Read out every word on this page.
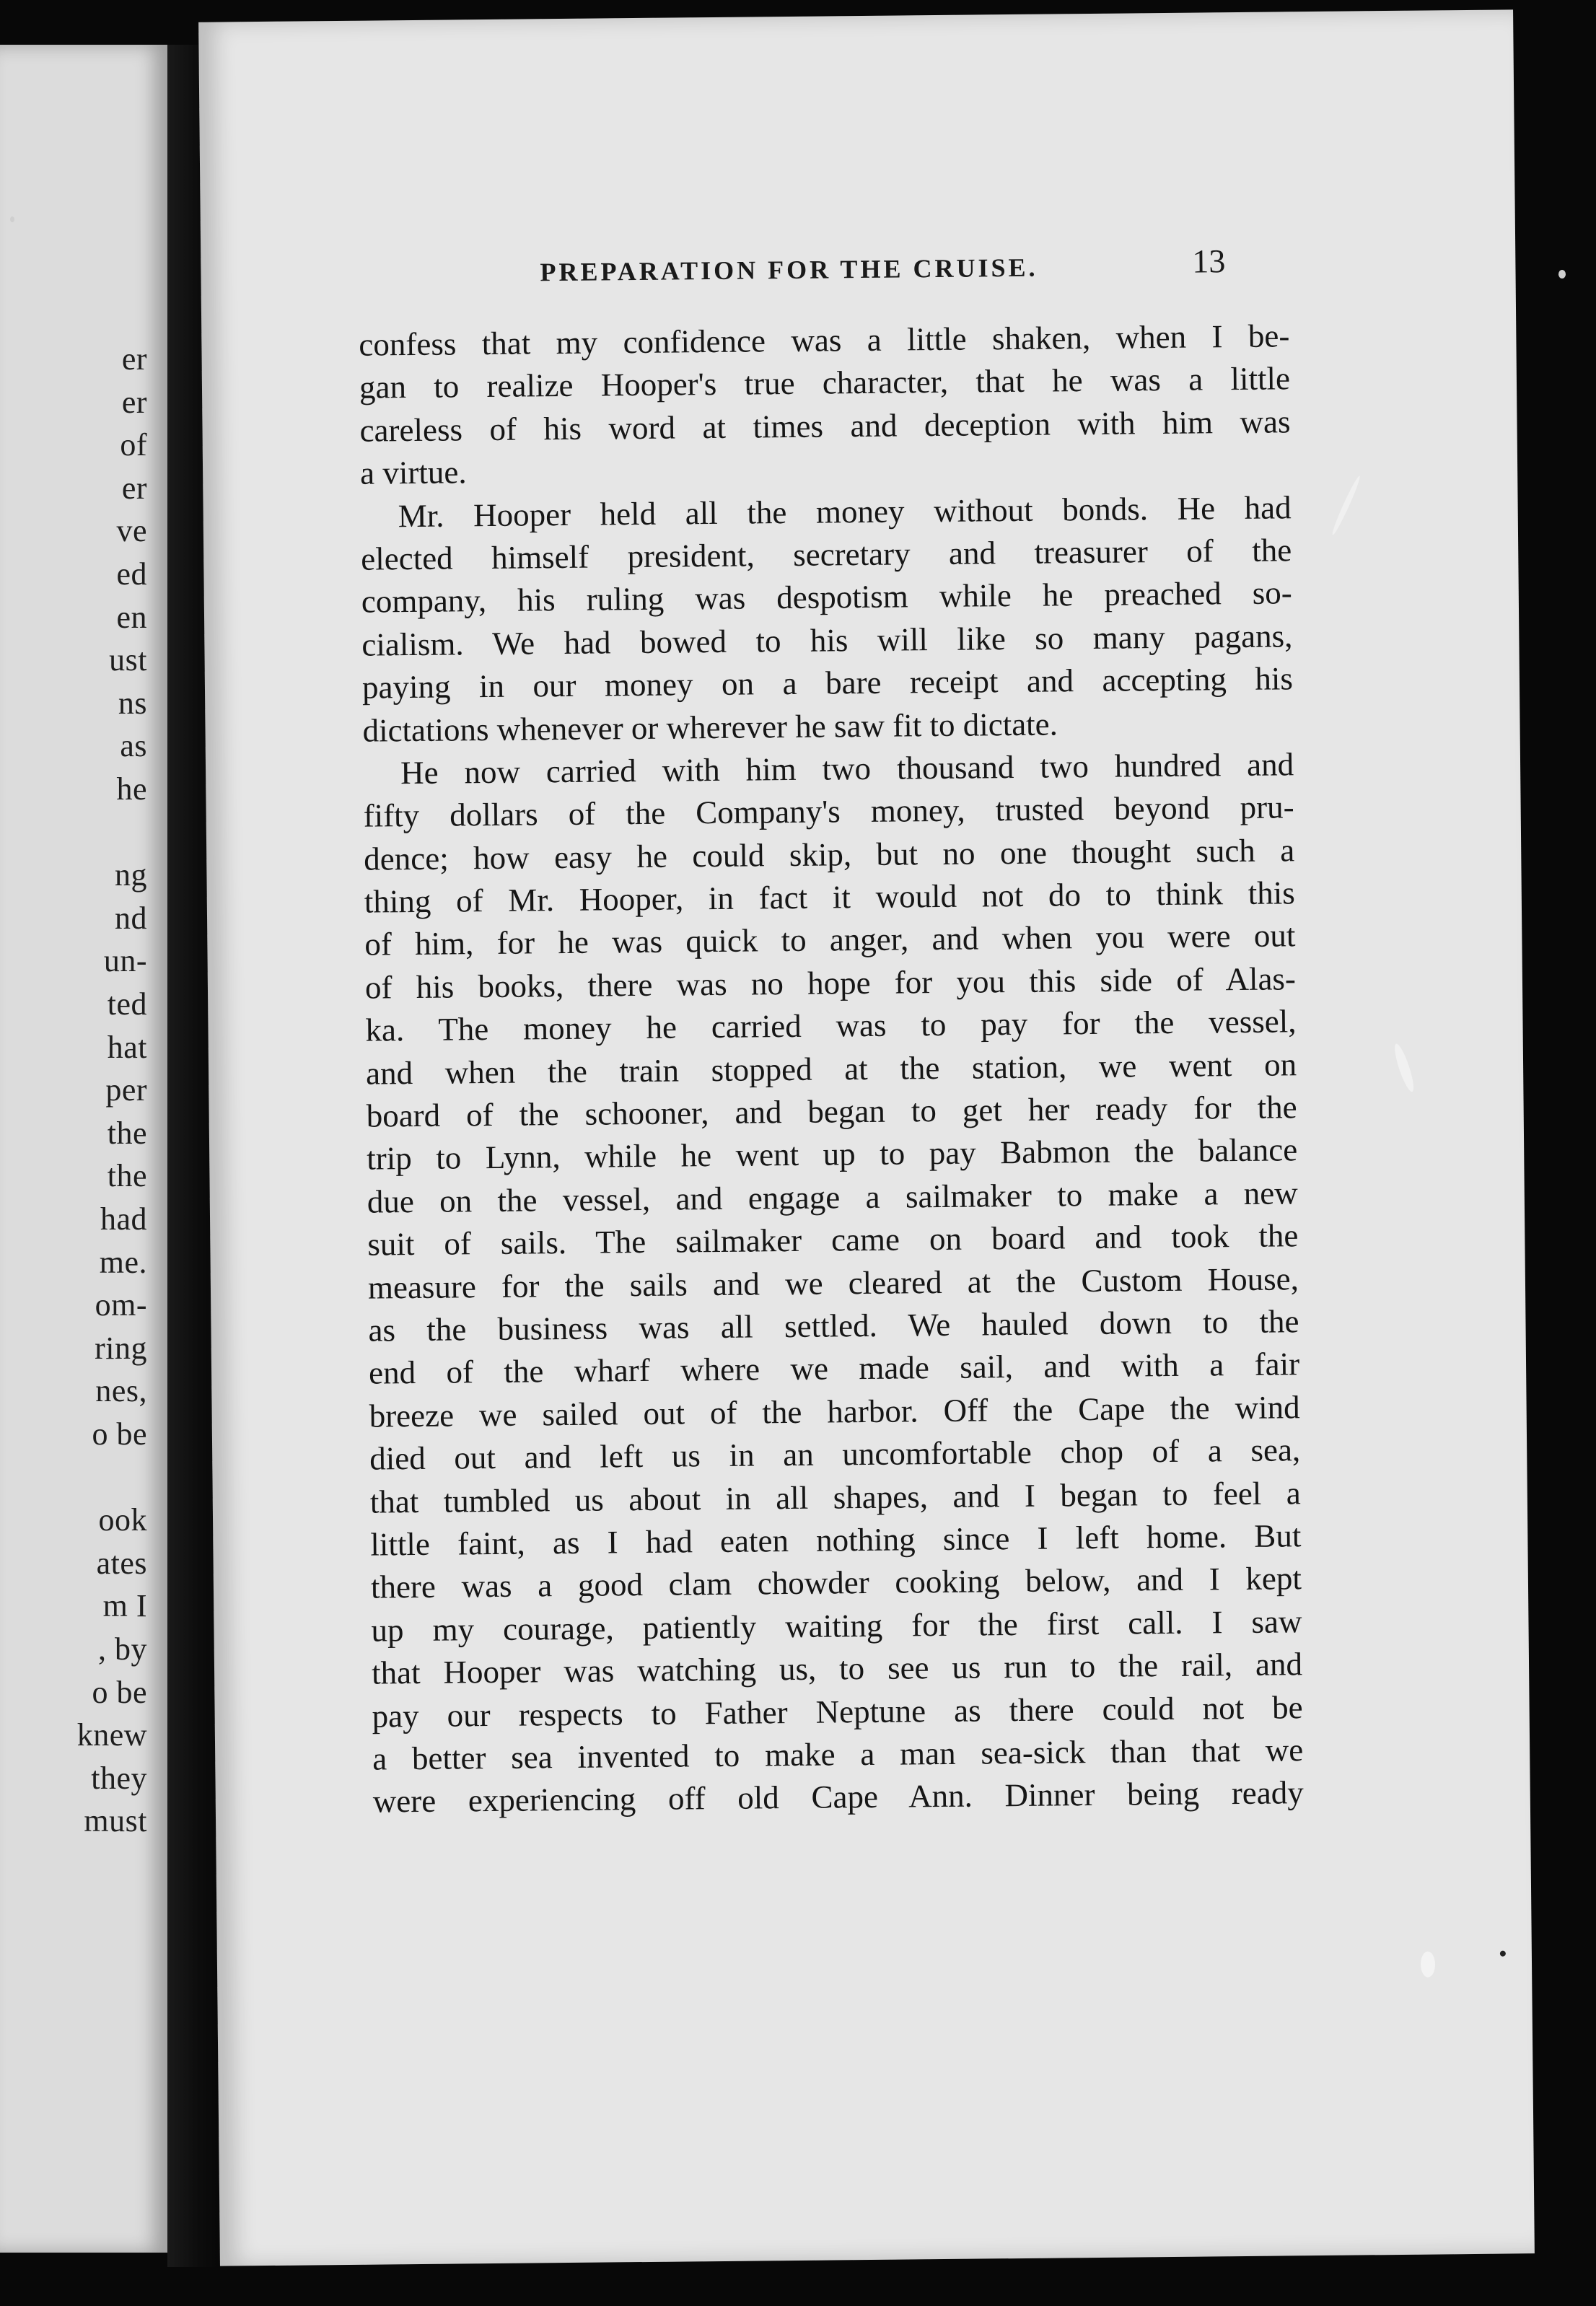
er
er
of
er
ve
ed
en
ust
ns
as
he
ng
nd
un-
ted
hat
per
the
the
had
me.
om-
ring
nes,
o be
ook
ates
m I
, by
o be
knew
they
must
PREPARATION FOR THE CRUISE.	13
confess that my confidence was a little shaken, when I be-
gan to realize Hooper's true character, that he was a little
careless of his word at times and deception with him was
a virtue.
Mr. Hooper held all the money without bonds. He had
elected himself president, secretary and treasurer of the
company, his ruling was despotism while he preached so-
cialism. We had bowed to his will like so many pagans,
paying in our money on a bare receipt and accepting his
dictations whenever or wherever he saw fit to dictate.
He now carried with him two thousand two hundred and
fifty dollars of the Company's money, trusted beyond pru-
dence; how easy he could skip, but no one thought such a
thing of Mr. Hooper, in fact it would not do to think this
of him, for he was quick to anger, and when you were out
of his books, there was no hope for you this side of Alas-
ka. The money he carried was to pay for the vessel,
and when the train stopped at the station, we went on
board of the schooner, and began to get her ready for the
trip to Lynn, while he went up to pay Babmon the balance
due on the vessel, and engage a sailmaker to make a new
suit of sails. The sailmaker came on board and took the
measure for the sails and we cleared at the Custom House,
as the business was all settled. We hauled down to the
end of the wharf where we made sail, and with a fair
breeze we sailed out of the harbor. Off the Cape the wind
died out and left us in an uncomfortable chop of a sea,
that tumbled us about in all shapes, and I began to feel a
little faint, as I had eaten nothing since I left home. But
there was a good clam chowder cooking below, and I kept
up my courage, patiently waiting for the first call. I saw
that Hooper was watching us, to see us run to the rail, and
pay our respects to Father Neptune as there could not be
a better sea invented to make a man sea-sick than that we
were experiencing off old Cape Ann. Dinner being ready
